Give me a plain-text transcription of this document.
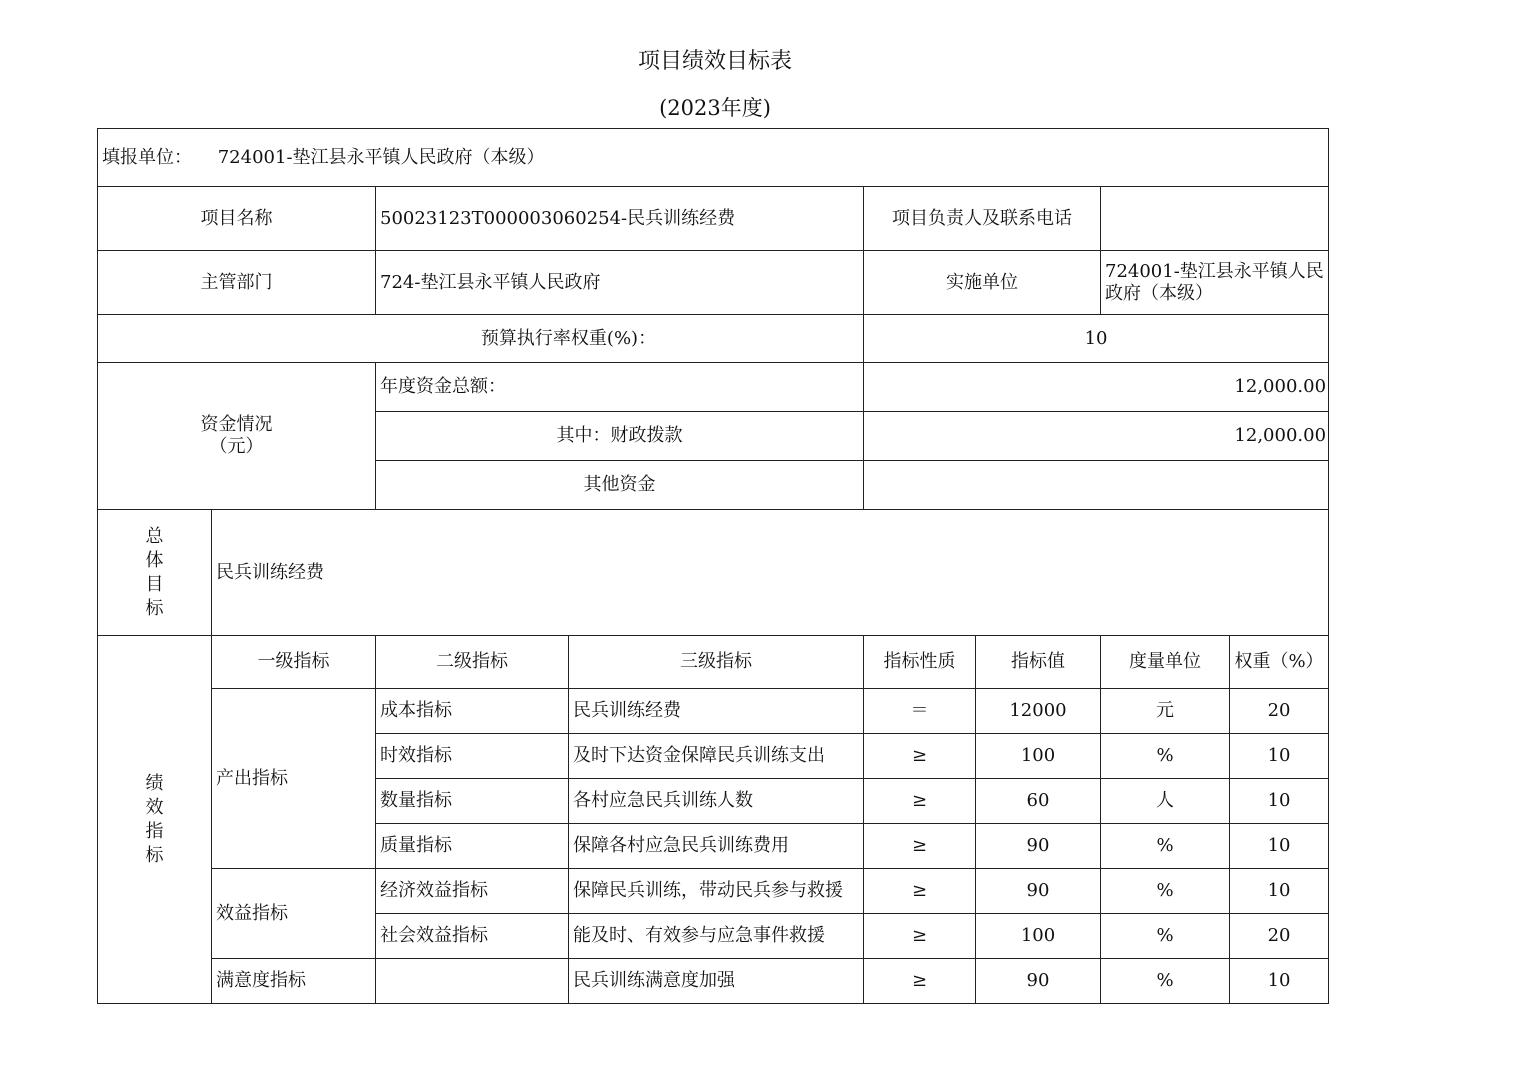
项目绩效目标表
(2023年度)
填报单位： 724001-垫江县永平镇人民政府（本级）							
项目名称		50023123T000003060254-民兵训练经费		项目负责人及联系电话			
主管部门		724-垫江县永平镇人民政府		实施单位		724001-垫江县永平镇人民政府（本级）	
预算执行率权重(%)：				10			

资金情况
（元）		年度资金总额：		12,000.00			
		其中：财政拨款		12,000.00			
		其他资金					

总
体
目
标	民兵训练经费						

绩
效
指
标	一级指标	二级指标	三级指标	指标性质	指标值	度量单位	权重（%）
	产出指标	成本指标	民兵训练经费	＝	12000	元	20
		时效指标	及时下达资金保障民兵训练支出	≥	100	%	10
		数量指标	各村应急民兵训练人数	≥	60	人	10
		质量指标	保障各村应急民兵训练费用	≥	90	%	10
	效益指标	经济效益指标	保障民兵训练，带动民兵参与救援	≥	90	%	10
		社会效益指标	能及时、有效参与应急事件救援	≥	100	%	20
	满意度指标		民兵训练满意度加强	≥	90	%	10
